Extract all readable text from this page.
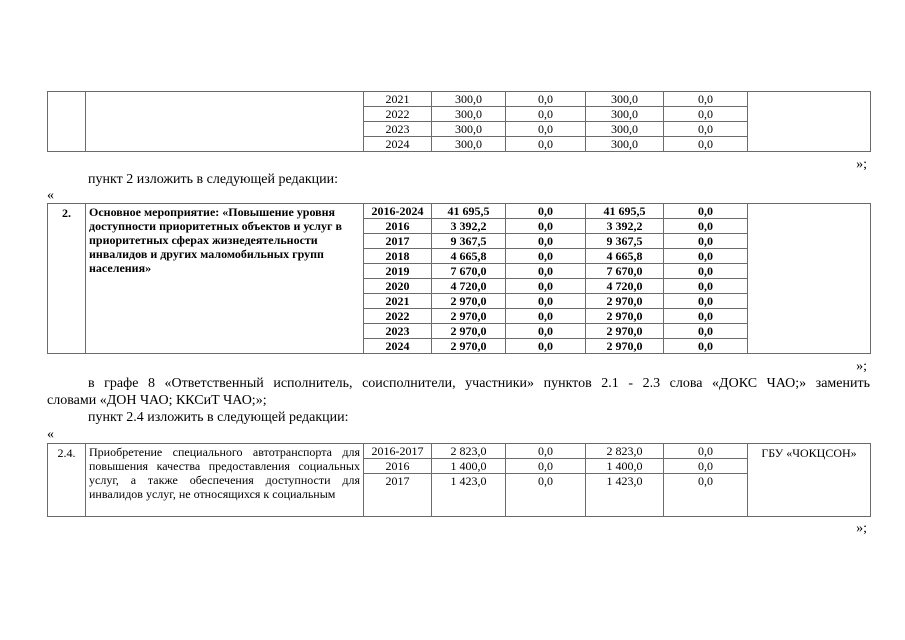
		2021	300,0	0,0	300,0	0,0	
		2022	300,0	0,0	300,0	0,0	
		2023	300,0	0,0	300,0	0,0	
		2024	300,0	0,0	300,0	0,0	
»;
пункт 2 изложить в следующей редакции:
«
2.	Основное мероприятие: «Повышение уровня доступности приоритетных объектов и услуг в приоритетных сферах жизнедеятельности инвалидов и других маломобильных групп населения»	2016-2024	41 695,5	0,0	41 695,5	0,0	
		2016	3 392,2	0,0	3 392,2	0,0	
		2017	9 367,5	0,0	9 367,5	0,0	
		2018	4 665,8	0,0	4 665,8	0,0	
		2019	7 670,0	0,0	7 670,0	0,0	
		2020	4 720,0	0,0	4 720,0	0,0	
		2021	2 970,0	0,0	2 970,0	0,0	
		2022	2 970,0	0,0	2 970,0	0,0	
		2023	2 970,0	0,0	2 970,0	0,0	
		2024	2 970,0	0,0	2 970,0	0,0	
»;
в графе 8 «Ответственный исполнитель, соисполнители, участники» пунктов 2.1 - 2.3 слова «ДОКС ЧАО;» заменить
словами «ДОН ЧАО; ККСиТ ЧАО;»;
пункт 2.4 изложить в следующей редакции:
«
2.4.	Приобретение специального автотранспорта для повышения качества предоставления социальных услуг, а также обеспечения доступности для инвалидов услуг, не относящихся к социальным	2016-2017	2 823,0	0,0	2 823,0	0,0	ГБУ «ЧОКЦСОН»
		2016	1 400,0	0,0	1 400,0	0,0	
		2017	1 423,0	0,0	1 423,0	0,0	
»;
